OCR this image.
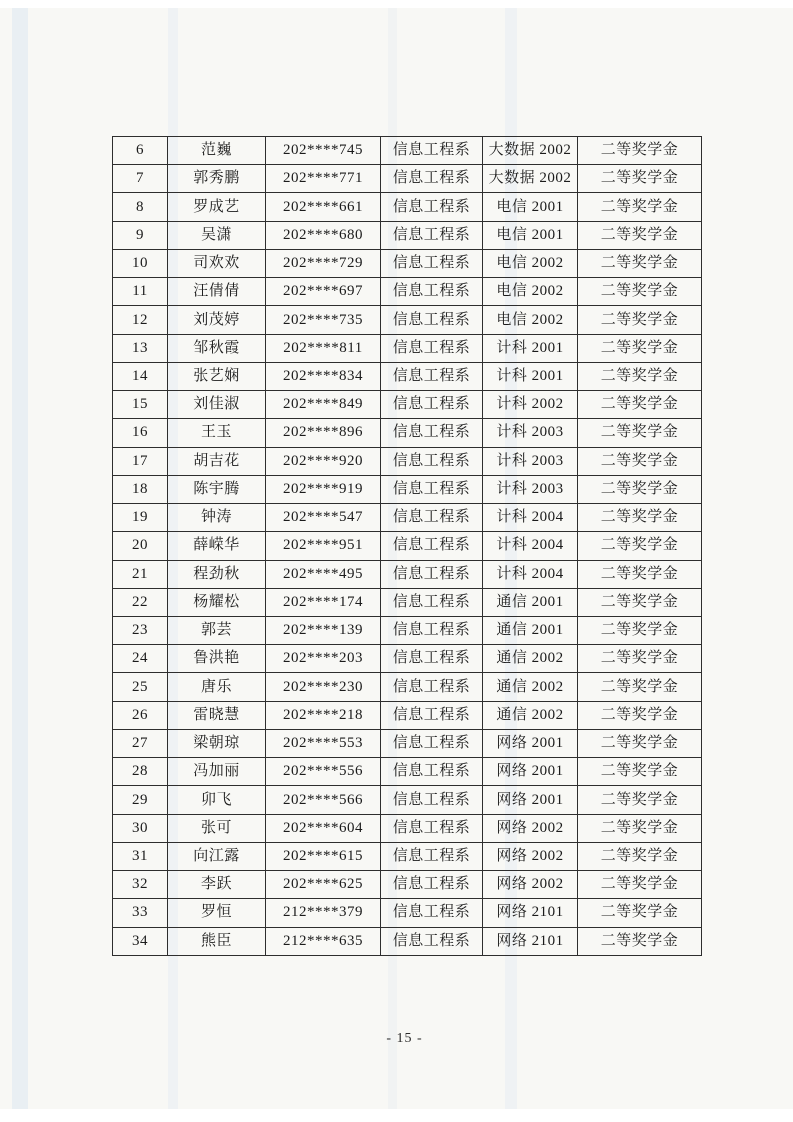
6	范巍	202****745	信息工程系	大数据 2002	二等奖学金
7	郭秀鹏	202****771	信息工程系	大数据 2002	二等奖学金
8	罗成艺	202****661	信息工程系	电信 2001	二等奖学金
9	吴潇	202****680	信息工程系	电信 2001	二等奖学金
10	司欢欢	202****729	信息工程系	电信 2002	二等奖学金
11	汪倩倩	202****697	信息工程系	电信 2002	二等奖学金
12	刘茂婷	202****735	信息工程系	电信 2002	二等奖学金
13	邹秋霞	202****811	信息工程系	计科 2001	二等奖学金
14	张艺娴	202****834	信息工程系	计科 2001	二等奖学金
15	刘佳淑	202****849	信息工程系	计科 2002	二等奖学金
16	王玉	202****896	信息工程系	计科 2003	二等奖学金
17	胡吉花	202****920	信息工程系	计科 2003	二等奖学金
18	陈宇腾	202****919	信息工程系	计科 2003	二等奖学金
19	钟涛	202****547	信息工程系	计科 2004	二等奖学金
20	薛嵘华	202****951	信息工程系	计科 2004	二等奖学金
21	程劲秋	202****495	信息工程系	计科 2004	二等奖学金
22	杨耀松	202****174	信息工程系	通信 2001	二等奖学金
23	郭芸	202****139	信息工程系	通信 2001	二等奖学金
24	鲁洪艳	202****203	信息工程系	通信 2002	二等奖学金
25	唐乐	202****230	信息工程系	通信 2002	二等奖学金
26	雷晓慧	202****218	信息工程系	通信 2002	二等奖学金
27	梁朝琼	202****553	信息工程系	网络 2001	二等奖学金
28	冯加丽	202****556	信息工程系	网络 2001	二等奖学金
29	卯飞	202****566	信息工程系	网络 2001	二等奖学金
30	张可	202****604	信息工程系	网络 2002	二等奖学金
31	向江露	202****615	信息工程系	网络 2002	二等奖学金
32	李跃	202****625	信息工程系	网络 2002	二等奖学金
33	罗恒	212****379	信息工程系	网络 2101	二等奖学金
34	熊臣	212****635	信息工程系	网络 2101	二等奖学金
- 15 -
